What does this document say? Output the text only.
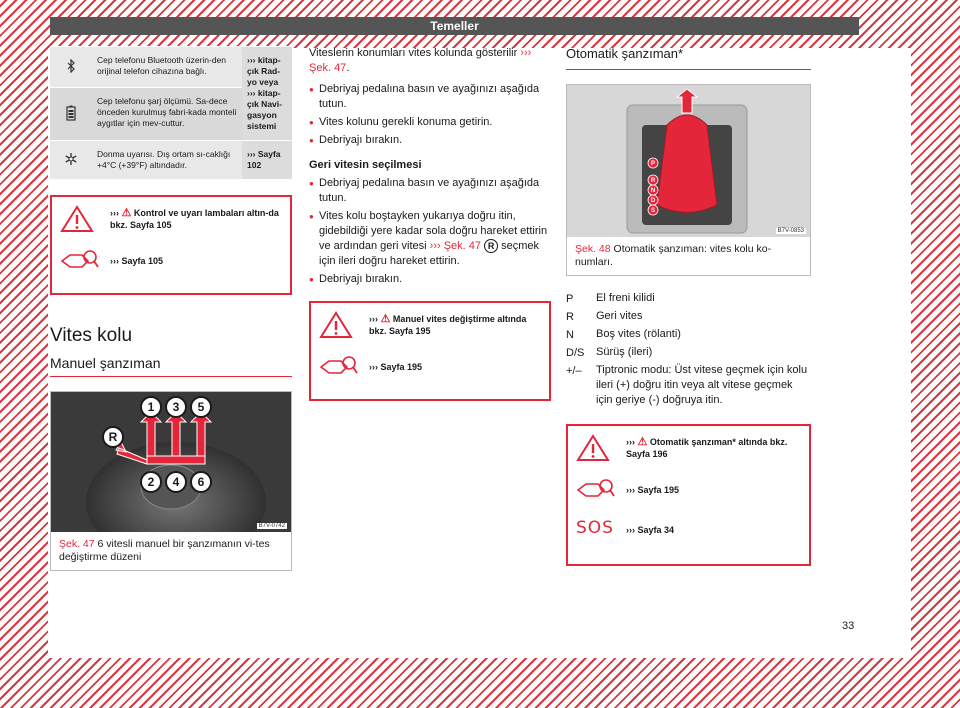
Temeller
	Cep telefonu Bluetooth üzerin-den orijinal telefon cihazına bağlı.	››› kitap-çık Rad-yo veya ››› kitap-çık Navi-gasyon sistemi
	Cep telefonu şarj ölçümü. Sa-dece önceden kurulmuş fabri-kada monteli aygıtlar için mev-cuttur.	
	Donma uyarısı. Dış ortam sı-caklığı +4°C (+39°F) altındadır.	››› Sayfa 102
››› ⚠ Kontrol ve uyarı lambaları altın-da bkz. Sayfa 105
››› Sayfa 105
Vites kolu
Manuel şanzıman
1 3 5
R
2 4 6
B7V-0742
Şek. 47 6 vitesli manuel bir şanzımanın vi-tes değiştirme düzeni

Viteslerin konumları vites kolunda gösterilir ››› Şek. 47.

● Debriyaj pedalına basın ve ayağınızı aşağıda tutun.
● Vites kolunu gerekli konuma getirin.
● Debriyajı bırakın.

Geri vitesin seçilmesi

● Debriyaj pedalına basın ve ayağınızı aşağıda tutun.
● Vites kolu boştayken yukarıya doğru itin, gidebildiği yere kadar sola doğru hareket ettirin ve ardından geri vitesi ››› Şek. 47 R seçmek için ileri doğru hareket ettirin.
● Debriyajı bırakın.
››› ⚠ Manuel vites değiştirme altında bkz. Sayfa 195
››› Sayfa 195
Otomatik şanzıman*
P
R
N
D
S
B7V-0853
Şek. 48 Otomatik şanzıman: vites kolu ko-numları.
P	El freni kilidi
R	Geri vites
N	Boş vites (rölanti)
D/S	Sürüş (ileri)
+/–	Tiptronic modu: Üst vitese geçmek için kolu ileri (+) doğru itin veya alt vitese geçmek için geriye (-) doğruya itin.
››› ⚠ Otomatik şanzıman* altında bkz. Sayfa 196
››› Sayfa 195
SOS	››› Sayfa 34
33
